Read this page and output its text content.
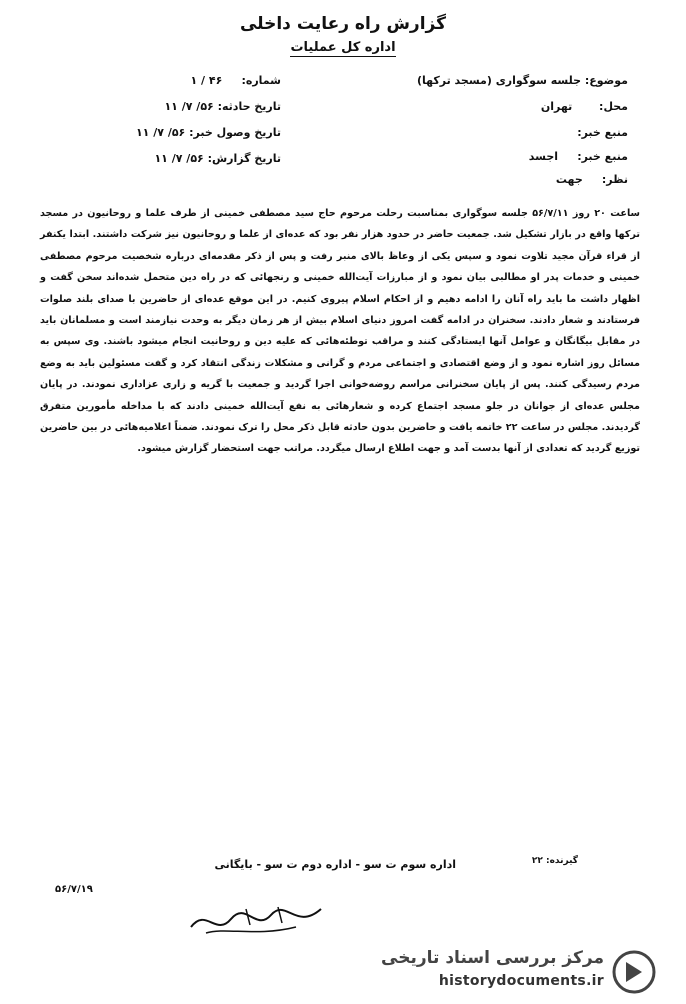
گزارش راه رعایت داخلی
اداره کل عملیات
موضوع: جلسه سوگواری (مسجد ترکها)
محل:       تهران
منبع خبر:
منبع خبر:     اجسد
نظر:     جهت
شماره:     ۴۶ / ۱
تاریخ حادثه: ۵۶/ ۷/ ۱۱
تاریخ وصول خبر: ۵۶/ ۷/ ۱۱
تاریخ گزارش: ۵۶/ ۷/ ۱۱

ساعت ۲۰ روز ۵۶/۷/۱۱ جلسه سوگواری بمناسبت رحلت مرحوم حاج سید مصطفی خمینی از طرف علما و روحانیون در مسجد ترکها واقع در بازار تشکیل شد. جمعیت حاضر در حدود هزار نفر بود که عده‌ای از علما و روحانیون نیز شرکت داشتند. ابتدا یکنفر از قراء قرآن مجید تلاوت نمود و سپس یکی از وعاظ بالای منبر رفت و پس از ذکر مقدمه‌ای درباره شخصیت مرحوم مصطفی خمینی و خدمات پدر او مطالبی بیان نمود و از مبارزات آیت‌الله خمینی و رنجهائی که در راه دین متحمل شده‌اند سخن گفت و اظهار داشت ما باید راه آنان را ادامه دهیم و از احکام اسلام پیروی کنیم. در این موقع عده‌ای از حاضرین با صدای بلند صلوات فرستادند و شعار دادند. سخنران در ادامه گفت امروز دنیای اسلام بیش از هر زمان دیگر به وحدت نیازمند است و مسلمانان باید در مقابل بیگانگان و عوامل آنها ایستادگی کنند و مراقب توطئه‌هائی که علیه دین و روحانیت انجام میشود باشند. وی سپس به مسائل روز اشاره نمود و از وضع اقتصادی و اجتماعی مردم و گرانی و مشکلات زندگی انتقاد کرد و گفت مسئولین باید به وضع مردم رسیدگی کنند. پس از پایان سخنرانی مراسم روضه‌خوانی اجرا گردید و جمعیت با گریه و زاری عزاداری نمودند. در پایان مجلس عده‌ای از جوانان در جلو مسجد اجتماع کرده و شعارهائی به نفع آیت‌الله خمینی دادند که با مداخله مأمورین متفرق گردیدند. مجلس در ساعت ۲۲ خاتمه یافت و حاضرین بدون حادثه قابل ذکر محل را ترک نمودند. ضمناً اعلامیه‌هائی در بین حاضرین توزیع گردید که تعدادی از آنها بدست آمد و جهت اطلاع ارسال میگردد. مراتب جهت استحضار گزارش میشود.

گیرنده: ۲۲
اداره سوم ت سو - اداره دوم ت سو - بایگانی
۵۶/۷/۱۹
مرکز بررسی اسناد تاریخی
historydocuments.ir
